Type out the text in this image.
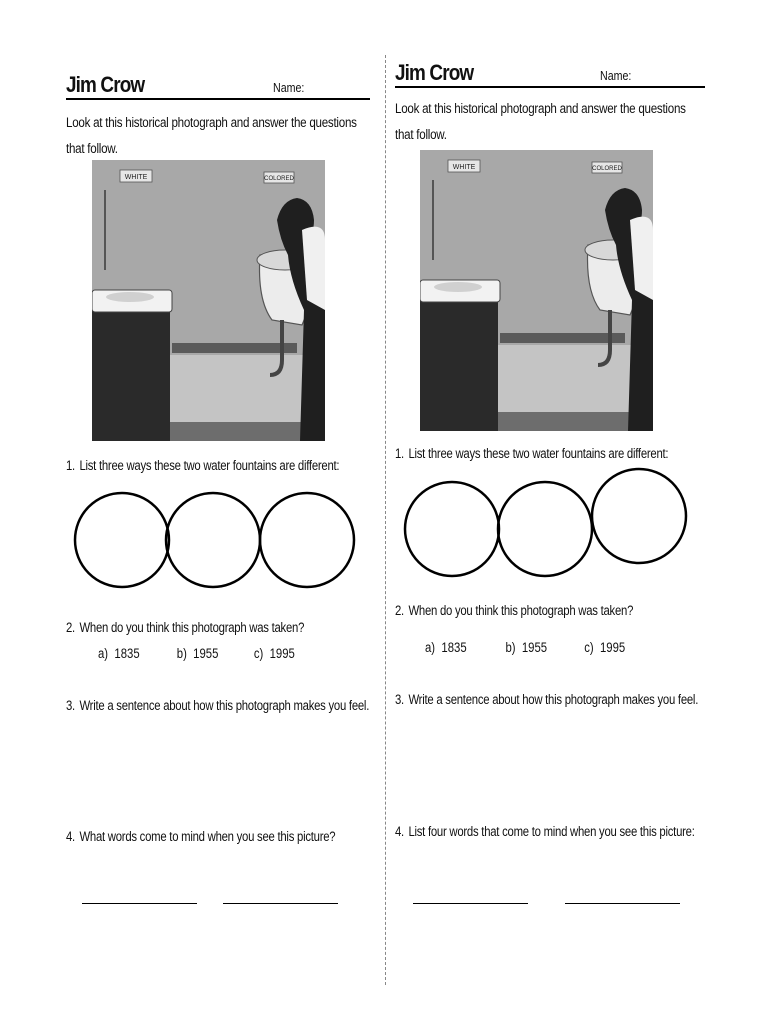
Jim Crow	Name:
Look at this historical photograph and answer the questions that follow.
WHITE	COLORED
1. List three ways these two water fountains are different:
2. When do you think this photograph was taken?
a) 1835	b) 1955	c) 1995
3. Write a sentence about how this photograph makes you feel.
4. What words come to mind when you see this picture?
Jim Crow	Name:
Look at this historical photograph and answer the questions that follow.
WHITE	COLORED
1. List three ways these two water fountains are different:
2. When do you think this photograph was taken?
a) 1835	b) 1955	c) 1995
3. Write a sentence about how this photograph makes you feel.
4. List four words that come to mind when you see this picture:
